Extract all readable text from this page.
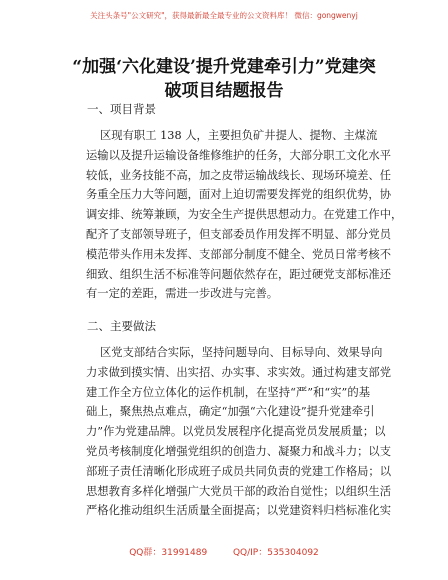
关注头条号"公文研究"，获得最新最全最专业的公文资料库！ 微信：gongwenyj
“加强‘六化建设’提升党建牵引力”党建突
破项目结题报告
一、项目背景
区现有职工 138 人，主要担负矿井提人、提物、主煤流
运输以及提升运输设备维修维护的任务，大部分职工文化水平
较低，业务技能不高，加之皮带运输战线长、现场环境差、任
务重全压力大等问题，面对上迫切需要发挥党的组织优势，协
调安排、统筹兼顾，为安全生产提供思想动力。在党建工作中，
配齐了支部领导班子，但支部委员作用发挥不明显、部分党员
模范带头作用未发挥、支部部分制度不健全、党员日常考核不
细致、组织生活不标准等问题依然存在，距过硬党支部标准还
有一定的差距，需进一步改进与完善。
二、主要做法
区党支部结合实际，坚持问题导向、目标导向、效果导向
力求做到摸实情、出实招、办实事、求实效。通过构建支部党
建工作全方位立体化的运作机制，在坚持“严”和“实”的基
础上，聚焦热点难点，确定“加强“六化建设”提升党建牵引
力”作为党建品牌。以党员发展程序化提高党员发展质量；以
党员考核制度化增强党组织的创造力、凝聚力和战斗力；以支
部班子责任清晰化形成班子成员共同负责的党建工作格局；以
思想教育多样化增强广大党员干部的政治自觉性；以组织生活
严格化推动组织生活质量全面提高；以党建资料归档标准化实
QQ群：31991489	QQ/IP：535304092
